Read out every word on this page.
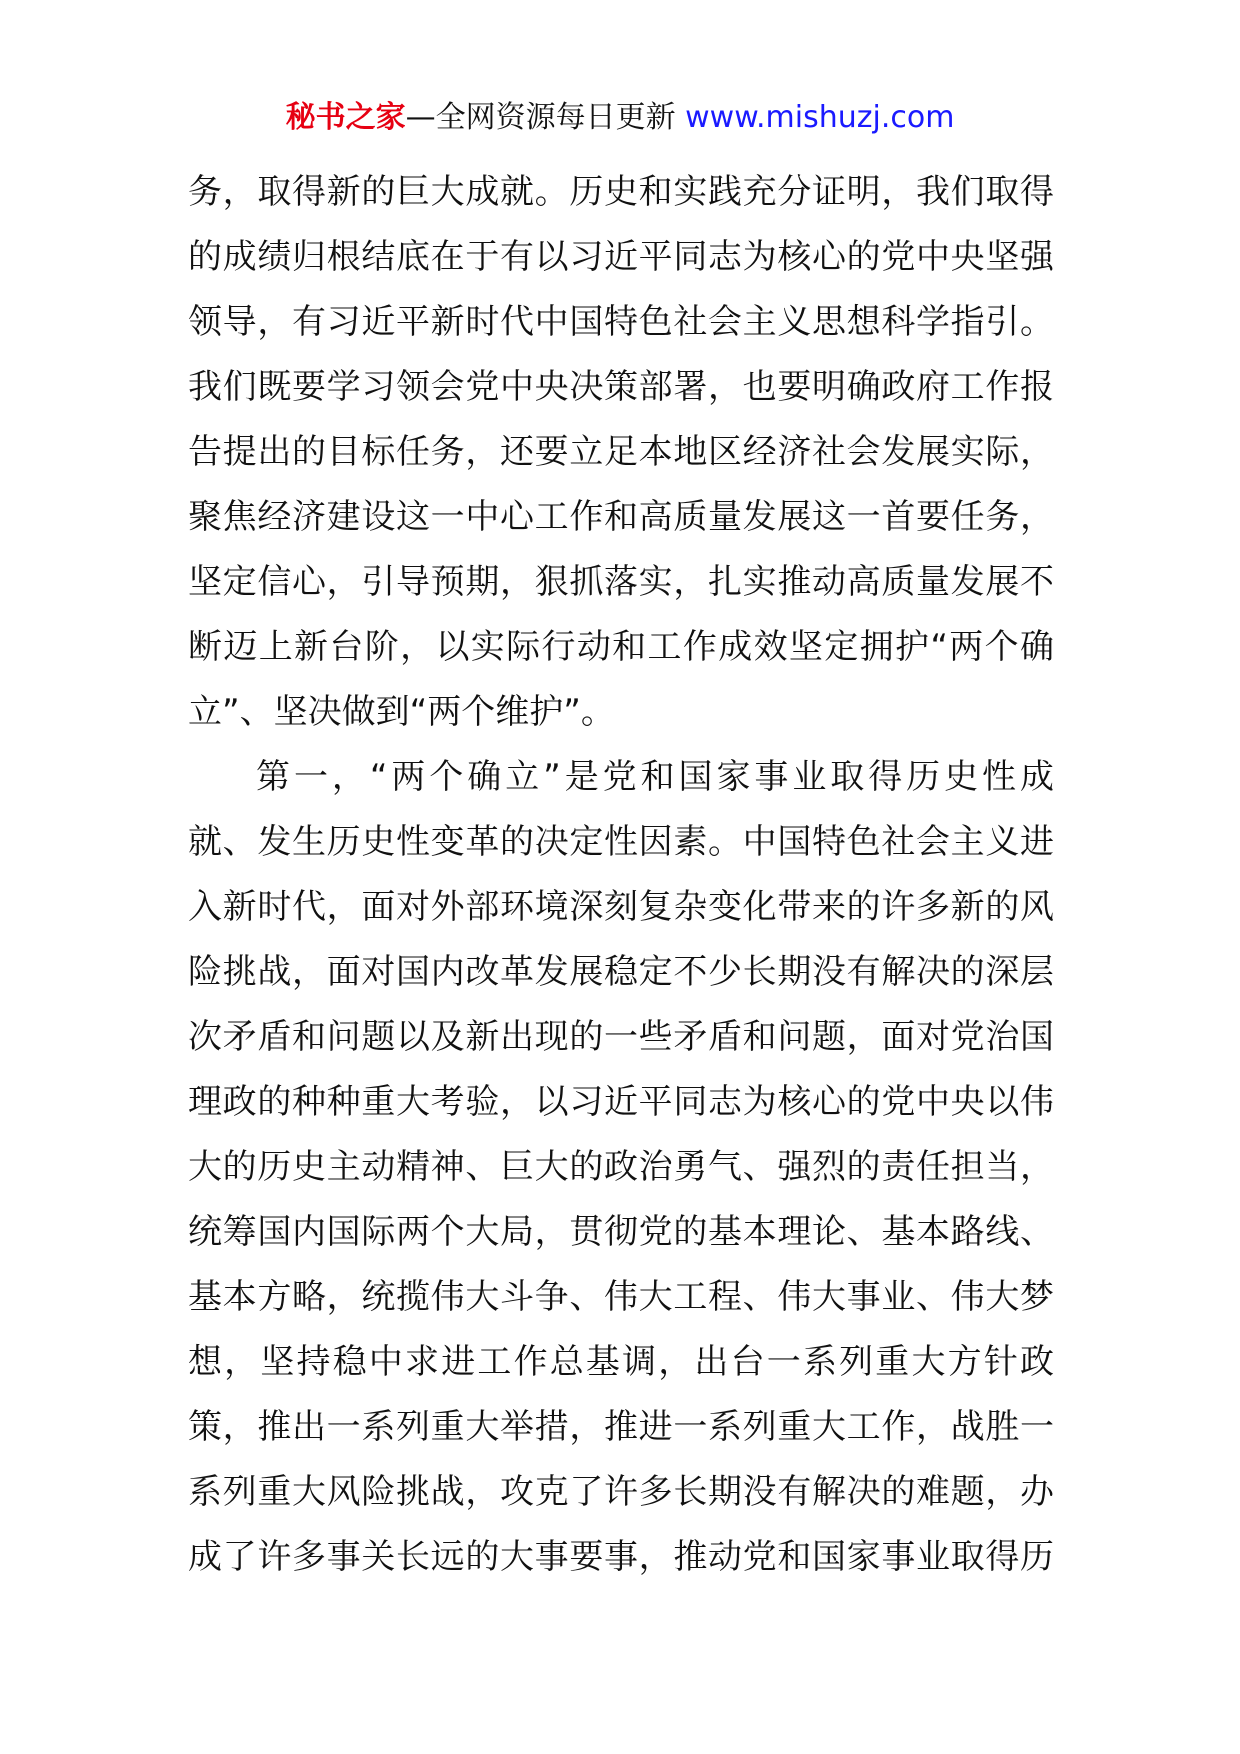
秘书之家—全网资源每日更新 www.mishuzj.com
务，取得新的巨大成就。历史和实践充分证明，我们取得
的成绩归根结底在于有以习近平同志为核心的党中央坚强
领导，有习近平新时代中国特色社会主义思想科学指引。
我们既要学习领会党中央决策部署，也要明确政府工作报
告提出的目标任务，还要立足本地区经济社会发展实际，
聚焦经济建设这一中心工作和高质量发展这一首要任务，
坚定信心，引导预期，狠抓落实，扎实推动高质量发展不
断迈上新台阶，以实际行动和工作成效坚定拥护“两个确
立”、坚决做到“两个维护”。
第一，“两个确立”是党和国家事业取得历史性成
就、发生历史性变革的决定性因素。中国特色社会主义进
入新时代，面对外部环境深刻复杂变化带来的许多新的风
险挑战，面对国内改革发展稳定不少长期没有解决的深层
次矛盾和问题以及新出现的一些矛盾和问题，面对党治国
理政的种种重大考验，以习近平同志为核心的党中央以伟
大的历史主动精神、巨大的政治勇气、强烈的责任担当，
统筹国内国际两个大局，贯彻党的基本理论、基本路线、
基本方略，统揽伟大斗争、伟大工程、伟大事业、伟大梦
想，坚持稳中求进工作总基调，出台一系列重大方针政
策，推出一系列重大举措，推进一系列重大工作，战胜一
系列重大风险挑战，攻克了许多长期没有解决的难题，办
成了许多事关长远的大事要事，推动党和国家事业取得历
